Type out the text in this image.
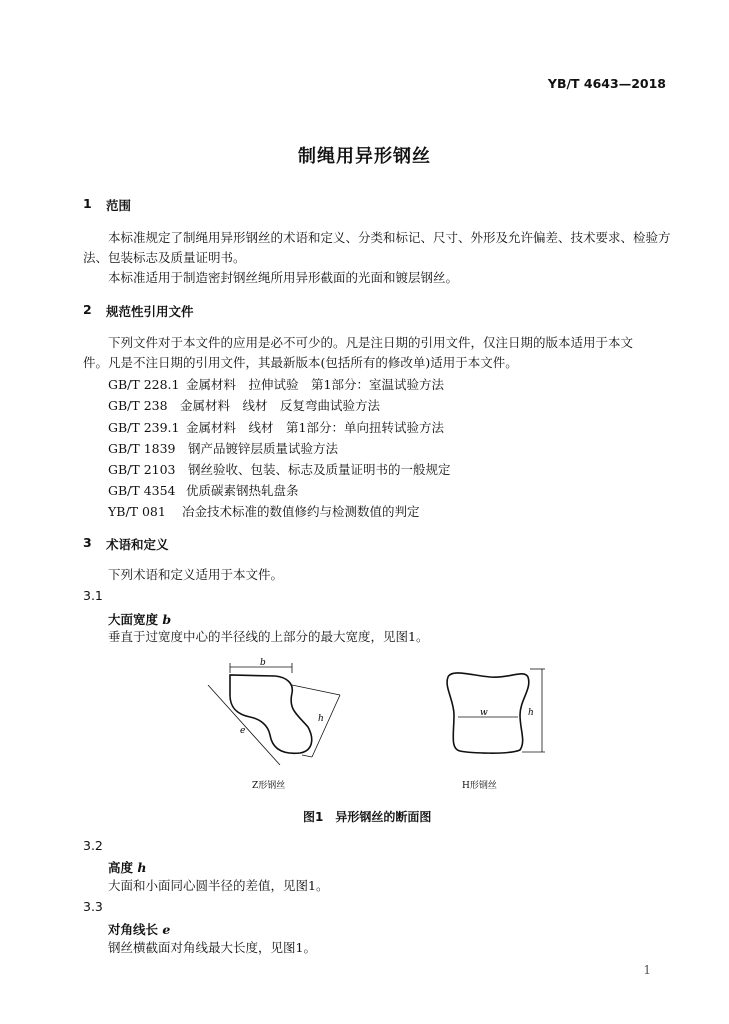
YB/T 4643—2018
制绳用异形钢丝
1 范围
本标准规定了制绳用异形钢丝的术语和定义、分类和标记、尺寸、外形及允许偏差、技术要求、检验方
法、包装标志及质量证明书。
本标准适用于制造密封钢丝绳所用异形截面的光面和镀层钢丝。
2 规范性引用文件
下列文件对于本文件的应用是必不可少的。凡是注日期的引用文件，仅注日期的版本适用于本文
件。凡是不注日期的引用文件，其最新版本(包括所有的修改单)适用于本文件。
GB/T 228.1 金属材料　拉伸试验　第1部分：室温试验方法
GB/T 238 金属材料　线材　反复弯曲试验方法
GB/T 239.1 金属材料　线材　第1部分：单向扭转试验方法
GB/T 1839 钢产品镀锌层质量试验方法
GB/T 2103 钢丝验收、包装、标志及质量证明书的一般规定
GB/T 4354 优质碳素钢热轧盘条
YB/T 081 冶金技术标准的数值修约与检测数值的判定
3 术语和定义
下列术语和定义适用于本文件。
3.1
大面宽度 b
垂直于过宽度中心的半径线的上部分的最大宽度，见图1。
b
h
e
w	h
Z形钢丝	H形钢丝
图1　异形钢丝的断面图
3.2
高度 h
大面和小面同心圆半径的差值，见图1。
3.3
对角线长 e
钢丝横截面对角线最大长度，见图1。
1
